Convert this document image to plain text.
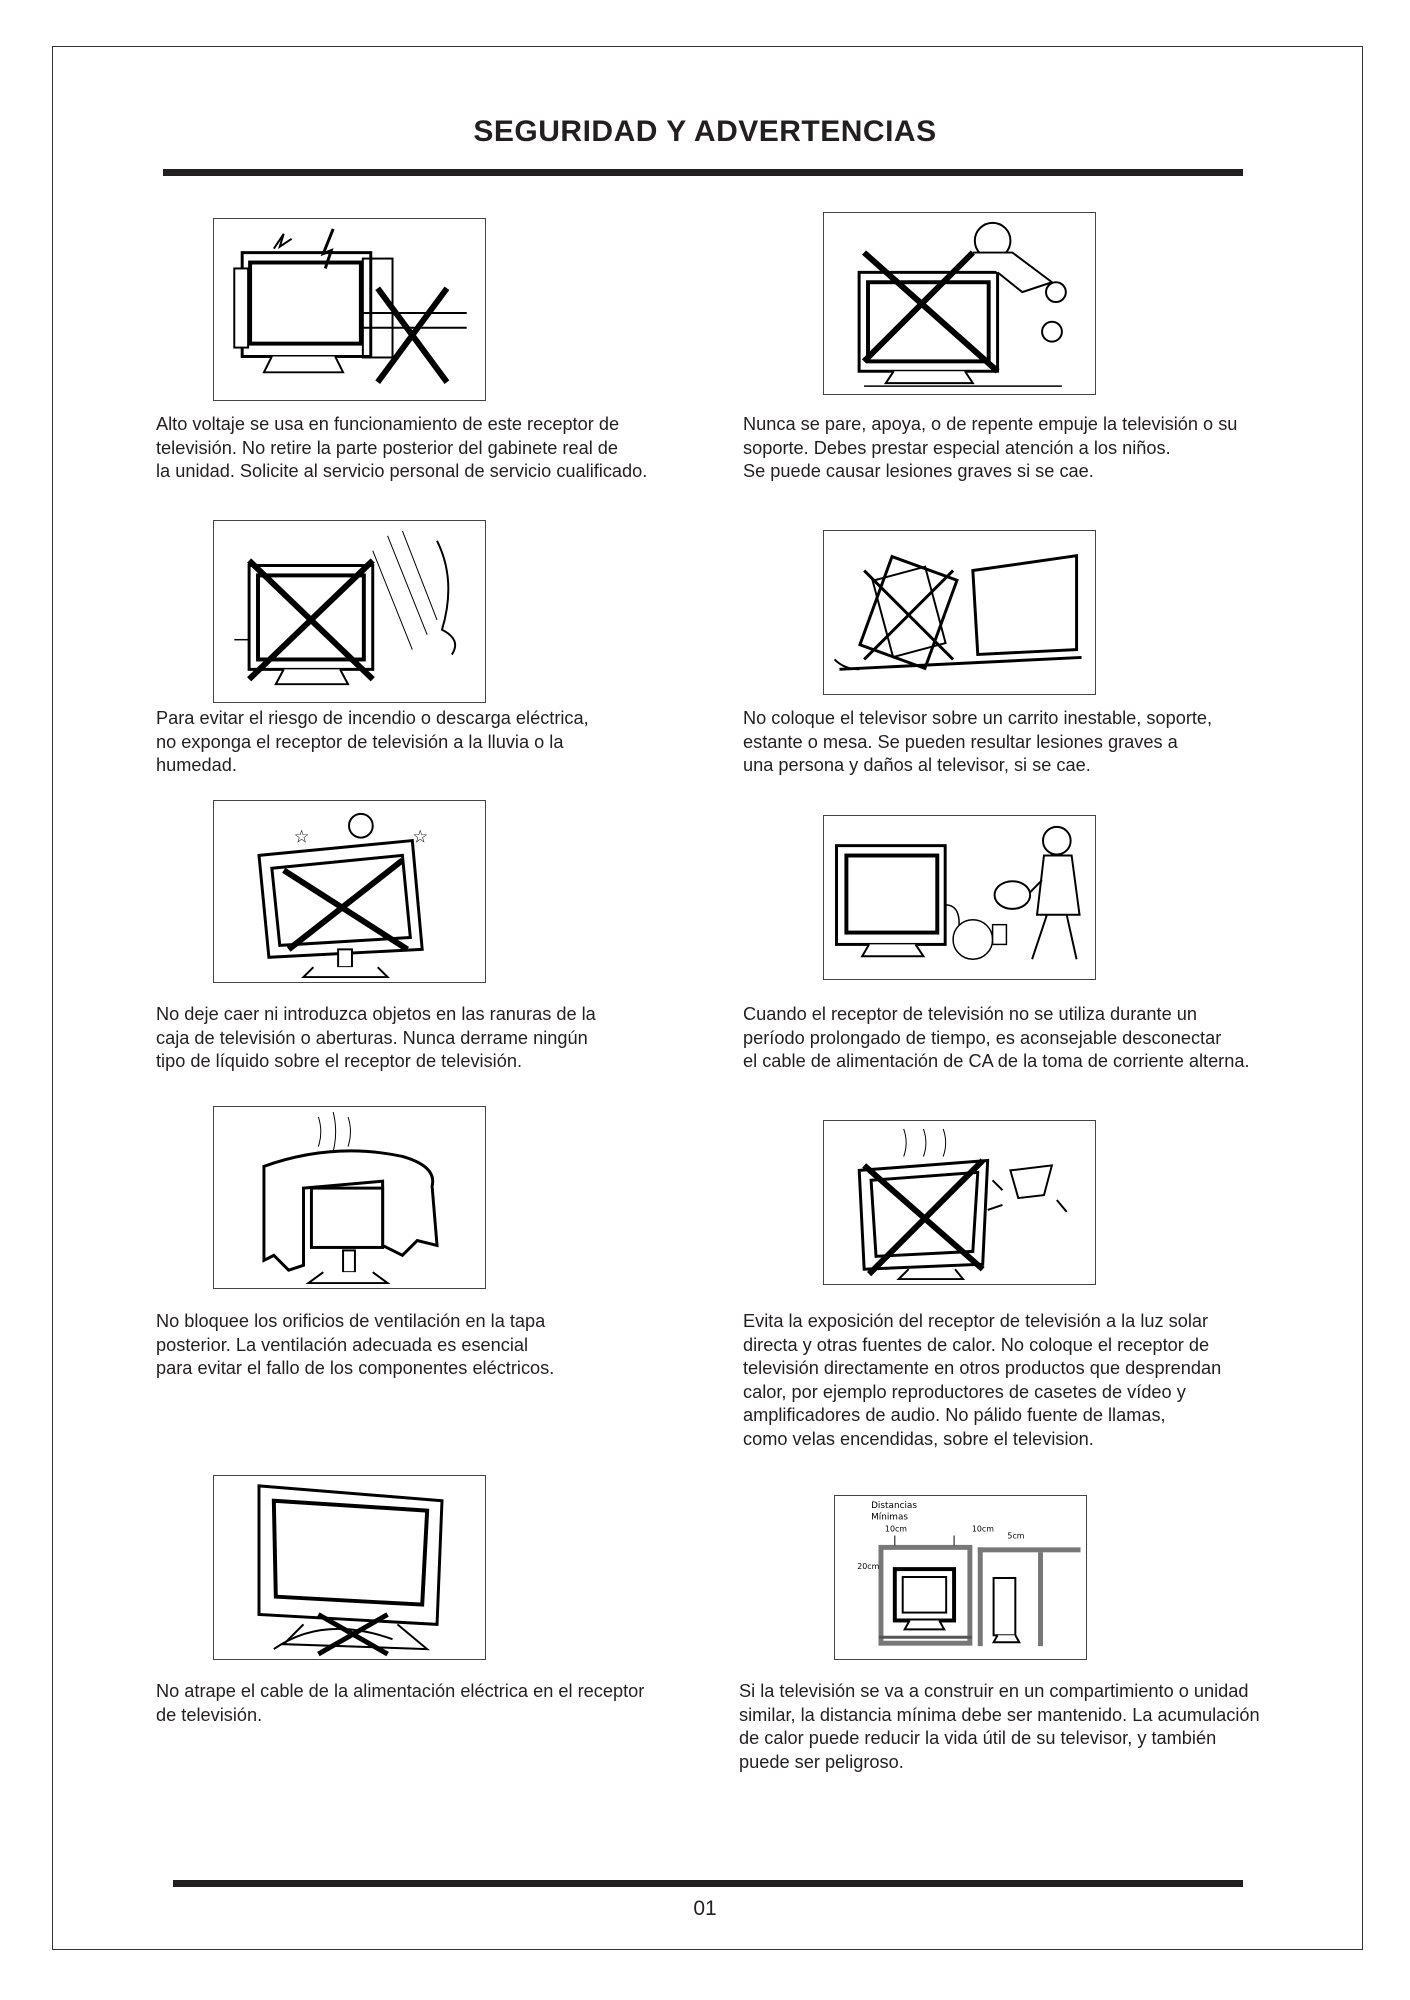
SEGURIDAD Y ADVERTENCIAS
Alto voltaje se usa en funcionamiento de este receptor de
televisión. No retire la parte posterior del gabinete real de
la unidad. Solicite al servicio personal de servicio cualificado.
Nunca se pare, apoya, o de repente empuje la televisión o su
soporte. Debes prestar especial atención a los niños.
Se puede causar lesiones graves si se cae.
Para evitar el riesgo de incendio o descarga eléctrica,
no exponga el receptor de televisión a la lluvia o la
humedad.
No coloque el televisor sobre un carrito inestable, soporte,
estante o mesa. Se pueden resultar lesiones graves a
una persona y daños al televisor, si se cae.
☆	☆
No deje caer ni introduzca objetos en las ranuras de la
caja de televisión o aberturas. Nunca derrame ningún
tipo de líquido sobre el receptor de televisión.
Cuando el receptor de televisión no se utiliza durante un
período prolongado de tiempo, es aconsejable desconectar
el cable de alimentación de CA de la toma de corriente alterna.
No bloquee los orificios de ventilación en la tapa
posterior. La ventilación adecuada es esencial
para evitar el fallo de los componentes eléctricos.
Evita la exposición del receptor de televisión a la luz solar
directa y otras fuentes de calor. No coloque el receptor de
televisión directamente en otros productos que desprendan
calor, por ejemplo reproductores de casetes de vídeo y
amplificadores de audio. No pálido fuente de llamas,
como velas encendidas, sobre el television.
No atrape el cable de la alimentación eléctrica en el receptor
de televisión.
Distancias
Mínimas
10cm	10cm
5cm
20cm
Si la televisión se va a construir en un compartimiento o unidad
similar, la distancia mínima debe ser mantenido. La acumulación
de calor puede reducir la vida útil de su televisor, y también
puede ser peligroso.
01
